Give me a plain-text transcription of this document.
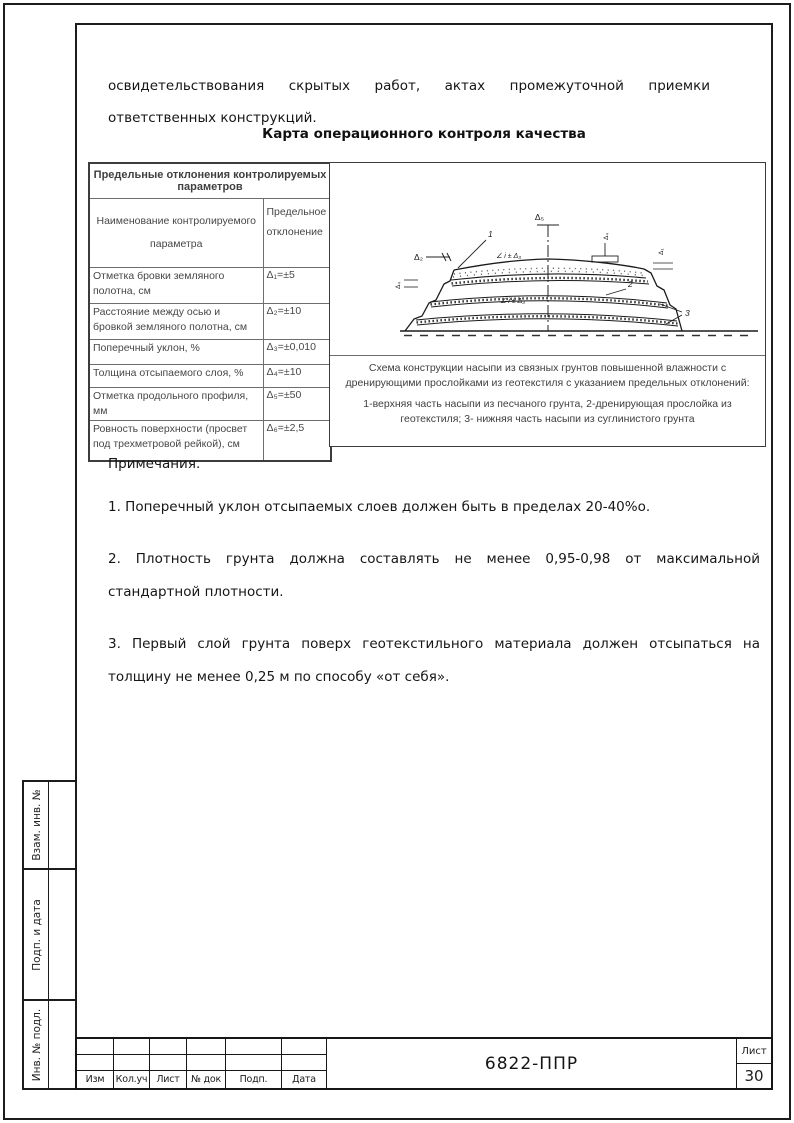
освидетельствования скрытых работ, актах промежуточной приемки ответственных конструкций.
Карта операционного контроля качества
Предельные отклонения контролируемых параметров	
Наименование контролируемого параметра	Предельное отклонение
Отметка бровки земляного полотна, см	Δ₁=±5
Расстояние между осью и бровкой земляного полотна, см	Δ₂=±10
Поперечный уклон, %	Δ₃=±0,010
Толщина отсыпаемого слоя, %	Δ₄=±10
Отметка продольного профиля, мм	Δ₅=±50
Ровность поверхности (просвет под трехметровой рейкой), см	Δ₆=±2,5
Δ₅
Δ₂
1
∠ i ± Δ₃
∠ i ± Δ₃
Δ₄
Δ₄
Δ₁
2
3

Схема конструкции насыпи из связных грунтов повышенной влажности с дренирующими прослойками из геотекстиля с указанием предельных отклонений:

1-верхняя часть насыпи из песчаного грунта, 2-дренирующая прослойка из геотекстиля; 3- нижняя часть насыпи из суглинистого грунта

Примечания.

1. Поперечный уклон отсыпаемых слоев должен быть в пределах 20-40%о.

2. Плотность грунта должна составлять не менее 0,95-0,98 от максимальной стандартной плотности.

3. Первый слой грунта поверх геотекстильного материала должен отсыпаться на толщину не менее 0,25 м по способу «от себя».

Взам. инв. №
Подп. и дата
Инв. № подл.	Изм	Кол.уч Лист	№ док	Подп.	Дата
6822-ППР
Лист
30
